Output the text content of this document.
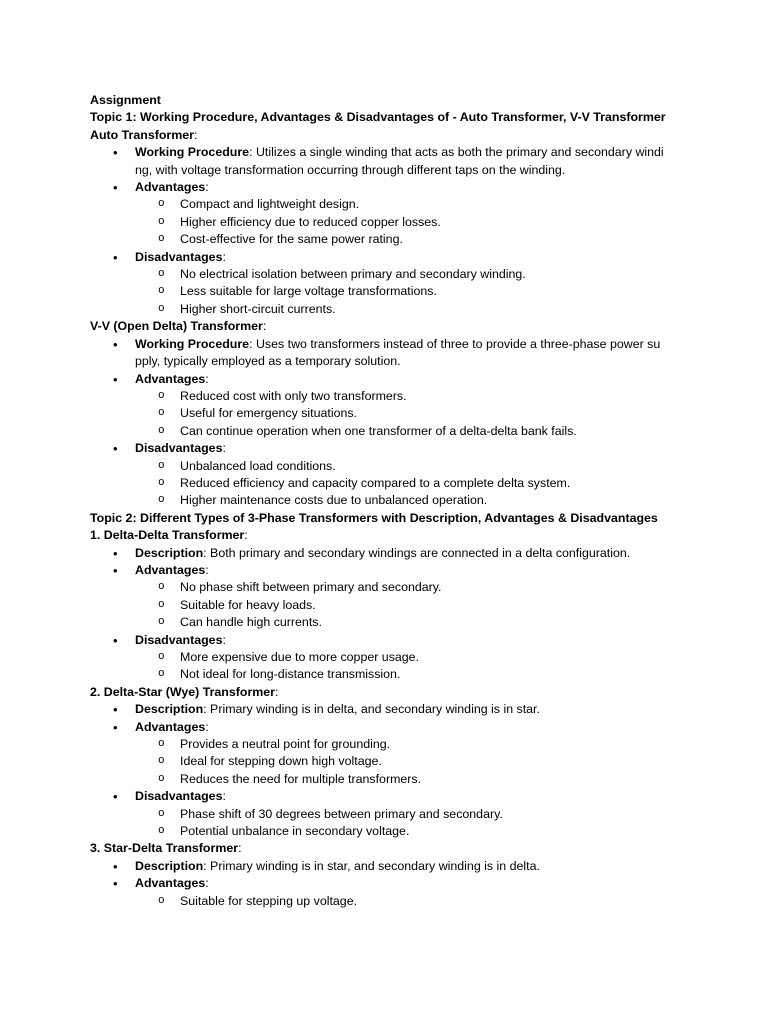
Assignment

Topic 1: Working Procedure, Advantages & Disadvantages of - Auto Transformer, V-V Transformer

Auto Transformer:

• Working Procedure: Utilizes a single winding that acts as both the primary and secondary windi
ng, with voltage transformation occurring through different taps on the winding.
• Advantages:
o Compact and lightweight design.
o Higher efficiency due to reduced copper losses.
o Cost-effective for the same power rating.
• Disadvantages:
o No electrical isolation between primary and secondary winding.
o Less suitable for large voltage transformations.
o Higher short-circuit currents.

V-V (Open Delta) Transformer:

• Working Procedure: Uses two transformers instead of three to provide a three-phase power su
pply, typically employed as a temporary solution.
• Advantages:
o Reduced cost with only two transformers.
o Useful for emergency situations.
o Can continue operation when one transformer of a delta-delta bank fails.
• Disadvantages:
o Unbalanced load conditions.
o Reduced efficiency and capacity compared to a complete delta system.
o Higher maintenance costs due to unbalanced operation.

Topic 2: Different Types of 3-Phase Transformers with Description, Advantages & Disadvantages

1. Delta-Delta Transformer:

• Description: Both primary and secondary windings are connected in a delta configuration.
• Advantages:
o No phase shift between primary and secondary.
o Suitable for heavy loads.
o Can handle high currents.
• Disadvantages:
o More expensive due to more copper usage.
o Not ideal for long-distance transmission.

2. Delta-Star (Wye) Transformer:

• Description: Primary winding is in delta, and secondary winding is in star.
• Advantages:
o Provides a neutral point for grounding.
o Ideal for stepping down high voltage.
o Reduces the need for multiple transformers.
• Disadvantages:
o Phase shift of 30 degrees between primary and secondary.
o Potential unbalance in secondary voltage.

3. Star-Delta Transformer:

• Description: Primary winding is in star, and secondary winding is in delta.
• Advantages:
o Suitable for stepping up voltage.
